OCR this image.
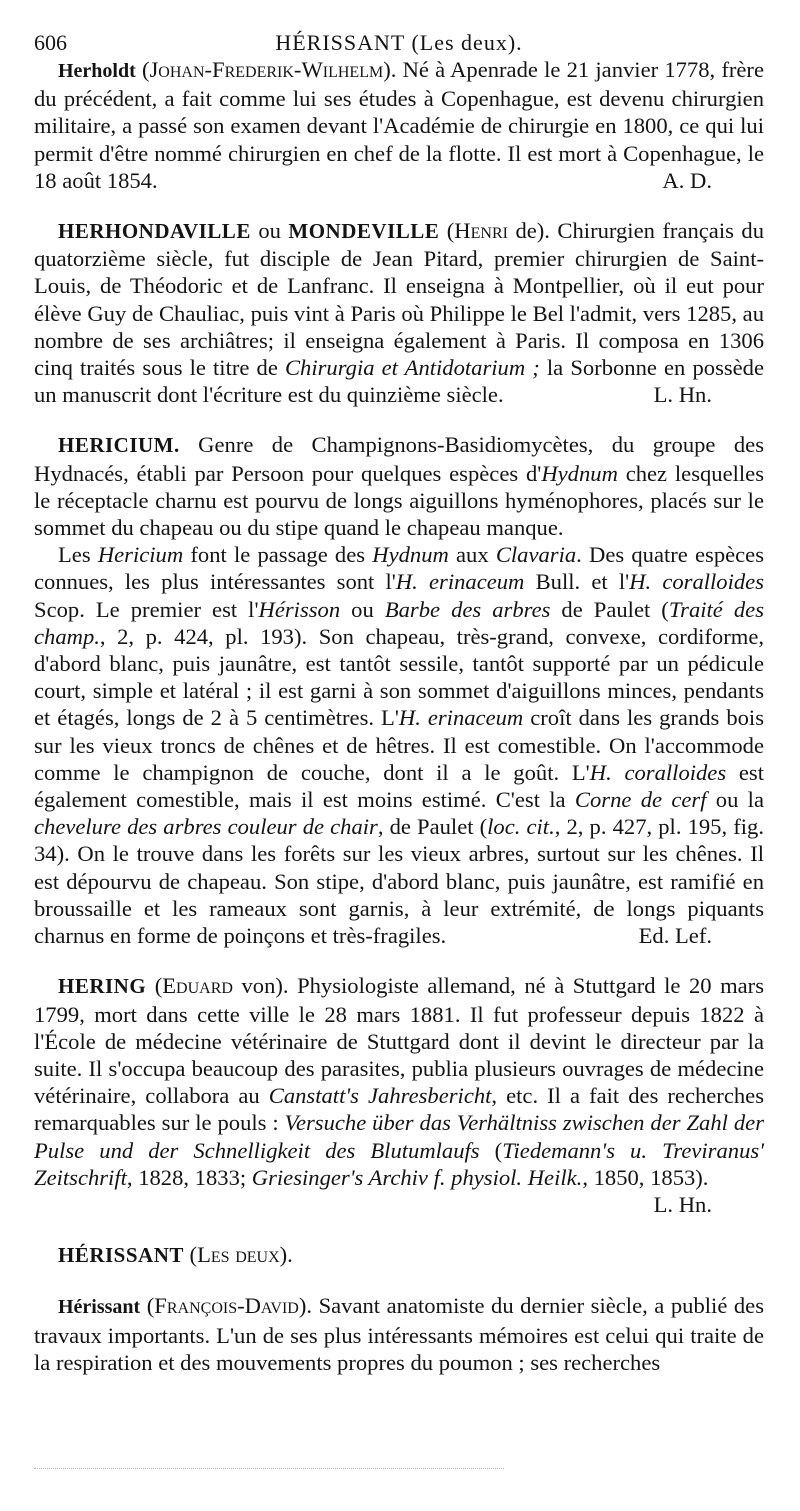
606	HÉRISSANT (Les deux).

Herholdt (Johan-Frederik-Wilhelm). Né à Apenrade le 21 janvier 1778, frère du précédent, a fait comme lui ses études à Copenhague, est devenu chirurgien militaire, a passé son examen devant l'Académie de chirurgie en 1800, ce qui lui permit d'être nommé chirurgien en chef de la flotte. Il est mort à Copenhague, le 18 août 1854.	A. D.

HERHONDAVILLE ou MONDEVILLE (Henri de). Chirurgien français du quatorzième siècle, fut disciple de Jean Pitard, premier chirurgien de Saint-Louis, de Théodoric et de Lanfranc. Il enseigna à Montpellier, où il eut pour élève Guy de Chauliac, puis vint à Paris où Philippe le Bel l'admit, vers 1285, au nombre de ses archiâtres; il enseigna également à Paris. Il composa en 1306 cinq traités sous le titre de Chirurgia et Antidotarium ; la Sorbonne en possède un manuscrit dont l'écriture est du quinzième siècle.	L. Hn.

HERICIUM. Genre de Champignons-Basidiomycètes, du groupe des Hydnacés, établi par Persoon pour quelques espèces d'Hydnum chez lesquelles le réceptacle charnu est pourvu de longs aiguillons hyménophores, placés sur le sommet du chapeau ou du stipe quand le chapeau manque.

Les Hericium font le passage des Hydnum aux Clavaria. Des quatre espèces connues, les plus intéressantes sont l'H. erinaceum Bull. et l'H. coralloides Scop. Le premier est l'Hérisson ou Barbe des arbres de Paulet (Traité des champ., 2, p. 424, pl. 193). Son chapeau, très-grand, convexe, cordiforme, d'abord blanc, puis jaunâtre, est tantôt sessile, tantôt supporté par un pédicule court, simple et latéral ; il est garni à son sommet d'aiguillons minces, pendants et étagés, longs de 2 à 5 centimètres. L'H. erinaceum croît dans les grands bois sur les vieux troncs de chênes et de hêtres. Il est comestible. On l'accommode comme le champignon de couche, dont il a le goût. L'H. coralloides est également comestible, mais il est moins estimé. C'est la Corne de cerf ou la chevelure des arbres couleur de chair, de Paulet (loc. cit., 2, p. 427, pl. 195, fig. 34). On le trouve dans les forêts sur les vieux arbres, surtout sur les chênes. Il est dépourvu de chapeau. Son stipe, d'abord blanc, puis jaunâtre, est ramifié en broussaille et les rameaux sont garnis, à leur extrémité, de longs piquants charnus en forme de poinçons et très-fragiles.	Ed. Lef.

HERING (Eduard von). Physiologiste allemand, né à Stuttgard le 20 mars 1799, mort dans cette ville le 28 mars 1881. Il fut professeur depuis 1822 à l'École de médecine vétérinaire de Stuttgard dont il devint le directeur par la suite. Il s'occupa beaucoup des parasites, publia plusieurs ouvrages de médecine vétérinaire, collabora au Canstatt's Jahresbericht, etc. Il a fait des recherches remarquables sur le pouls : Versuche über das Verhältniss zwischen der Zahl der Pulse und der Schnelligkeit des Blutumlaufs (Tiedemann's u. Treviranus' Zeitschrift, 1828, 1833; Griesinger's Archiv f. physiol. Heilk., 1850, 1853).
L. Hn.

HÉRISSANT (Les deux).

Hérissant (François-David). Savant anatomiste du dernier siècle, a publié des travaux importants. L'un de ses plus intéressants mémoires est celui qui traite de la respiration et des mouvements propres du poumon ; ses recherches
